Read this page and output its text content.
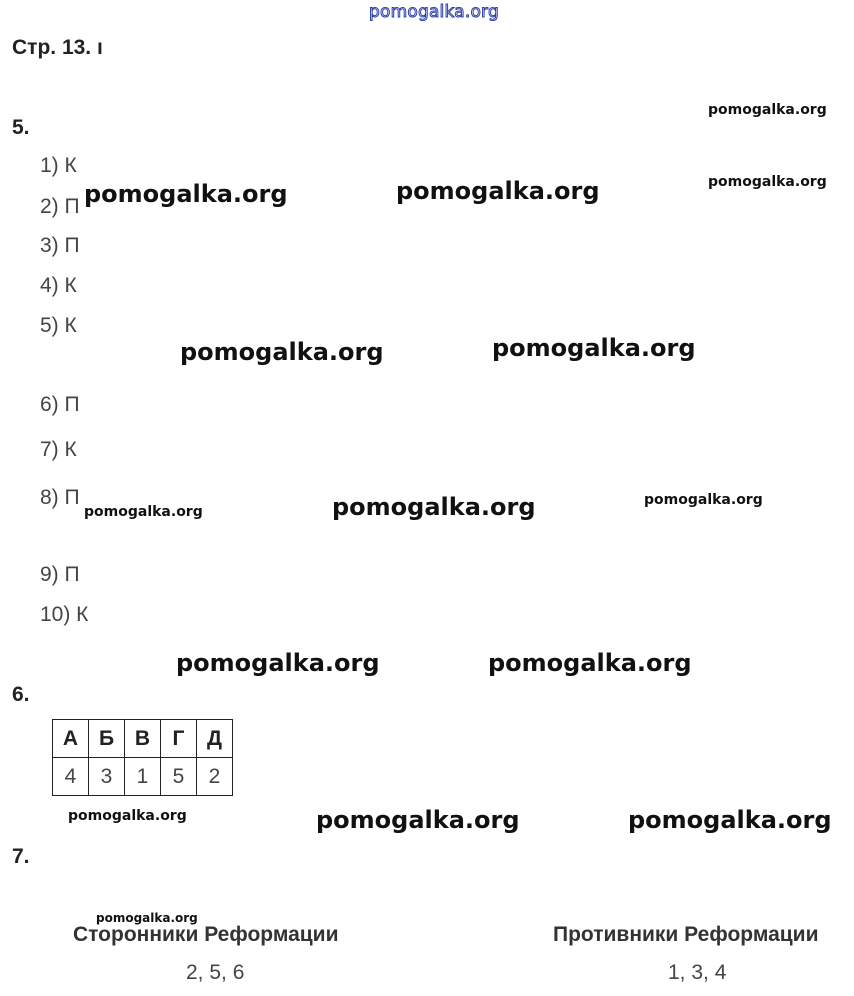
pomogalka.org
Стр. 13. ı
5.
1) К
2) П
3) П
4) К
5) К
6) П
7) К
8) П
9) П
10) К
6.
А	Б	В	Г	Д
4	3	1	5	2
7.
Сторонники Реформации
2, 5, 6
Противники Реформации
1, 3, 4
pomogalka.org
pomogalka.org
pomogalka.org	pomogalka.org
pomogalka.org	pomogalka.org
pomogalka.org
pomogalka.org	pomogalka.org
pomogalka.org	pomogalka.org
pomogalka.org	pomogalka.org	pomogalka.org
pomogalka.org
